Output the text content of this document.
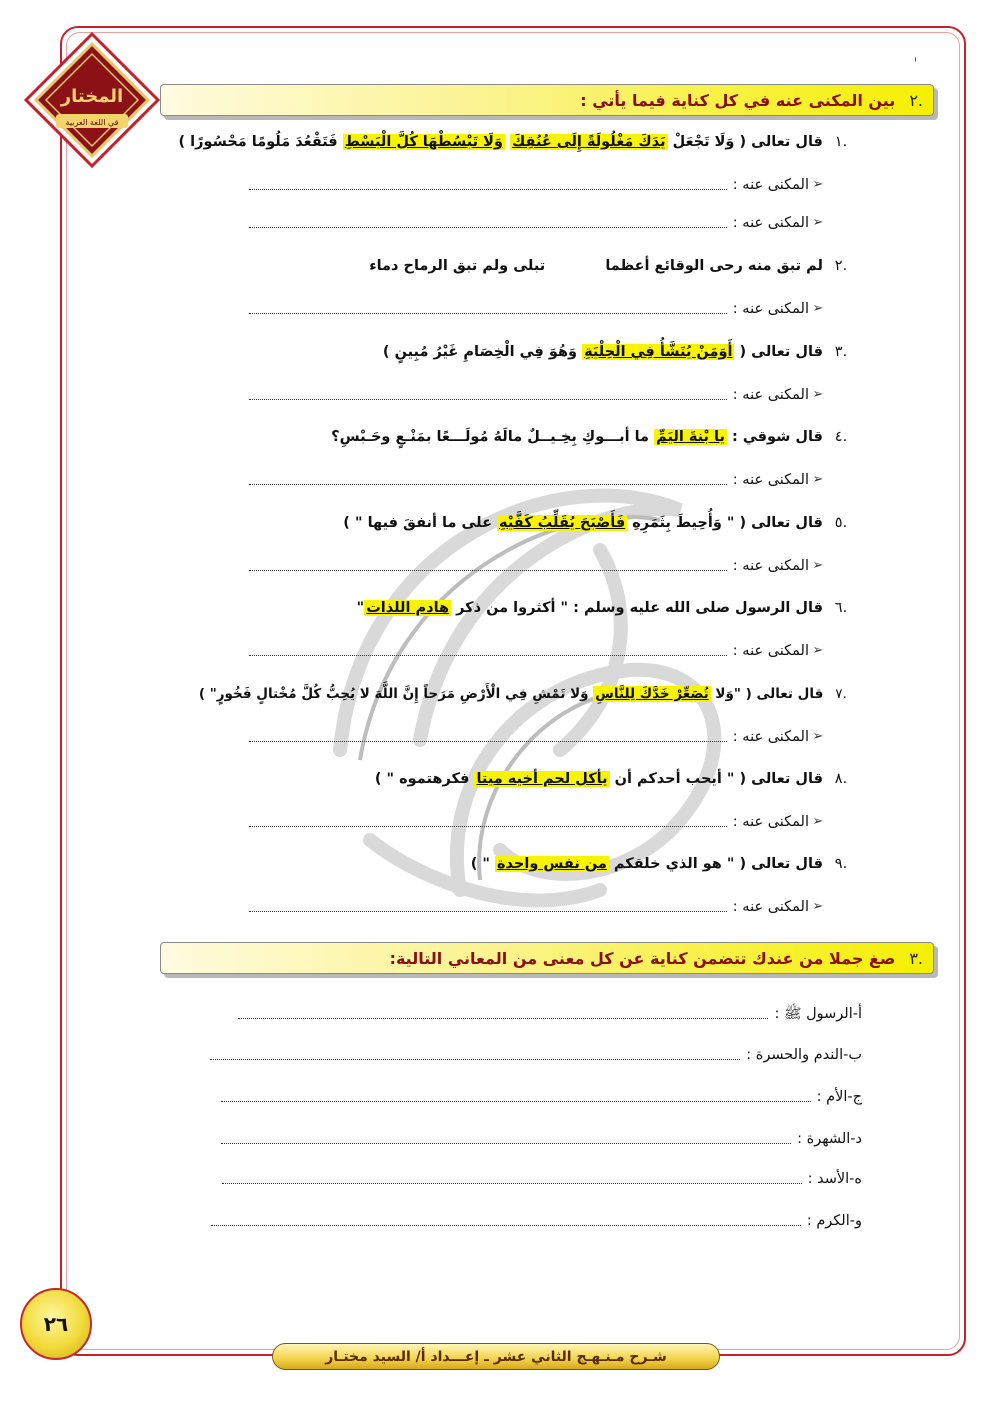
المختار
في اللغة العربية
.٢
بين المكنى عنه في كل كناية فيما يأتي :
.١ قال تعالى ( وَلَا تَجْعَلْ يَدَكَ مَغْلُولَةً إِلَى عُنُقِكَ وَلَا تَبْسُطْهَا كُلَّ الْبَسْطِ فَتَقْعُدَ مَلُومًا مَحْسُورًا )
➢
المكنى عنه :
➢
المكنى عنه :
.٢ لم تبق منه رحى الوقائع أعظما  تبلى ولم تبق الرماح دماء
➢
المكنى عنه :
.٣ قال تعالى ( أَوَمَنْ يُنَشَّأُ فِي الْحِلْيَةِ وَهُوَ فِي الْخِصَامِ غَيْرُ مُبِينٍ )
➢
المكنى عنه :
.٤ قال شوقي : يا بْنةَ اليَمِّ ما أبـــوكِ بِخِـيــلٌ مالَهُ مُولَـــعًا بمَنْـعٍ وحَـبْسِ؟
➢
المكنى عنه :
.٥ قال تعالى ( " وَأُحِيطَ بِثَمَرِهِ فَأَصْبَحَ يُقَلِّبُ كَفَّيْهِ على ما أنفقَ فيها " )
➢
المكنى عنه :
.٦ قال الرسول صلى الله عليه وسلم : " أكثروا من ذكر هادم اللذات"
➢
المكنى عنه :
.٧ قال تعالى ( "وَلا تُصَعِّرْ خَدَّكَ لِلنَّاسِ وَلا تَمْشِ فِي الْأَرْضِ مَرَحاً إِنَّ اللَّهَ لا يُحِبُّ كُلَّ مُخْتالٍ فَخُورٍ" )
➢
المكنى عنه :
.٨ قال تعالى ( " أيحب أحدكم أن يأكل لحم أخيه ميتا فكرهتموه " )
➢
المكنى عنه :
.٩ قال تعالى ( " هو الذي خلقكم من نفس واحدة " )
➢
المكنى عنه :
.٣
صغ جملا من عندك تتضمن كناية عن كل معنى من المعاني التالية:
أ-الرسول ﷺ :
ب-الندم والحسرة :
ج-الأم :
د-الشهرة :
ه-الأسد :
و-الكرم :
٢٦
شـرح مـنـهـج الثاني عشر ـ إعـــداد أ/ السيد مختـار
